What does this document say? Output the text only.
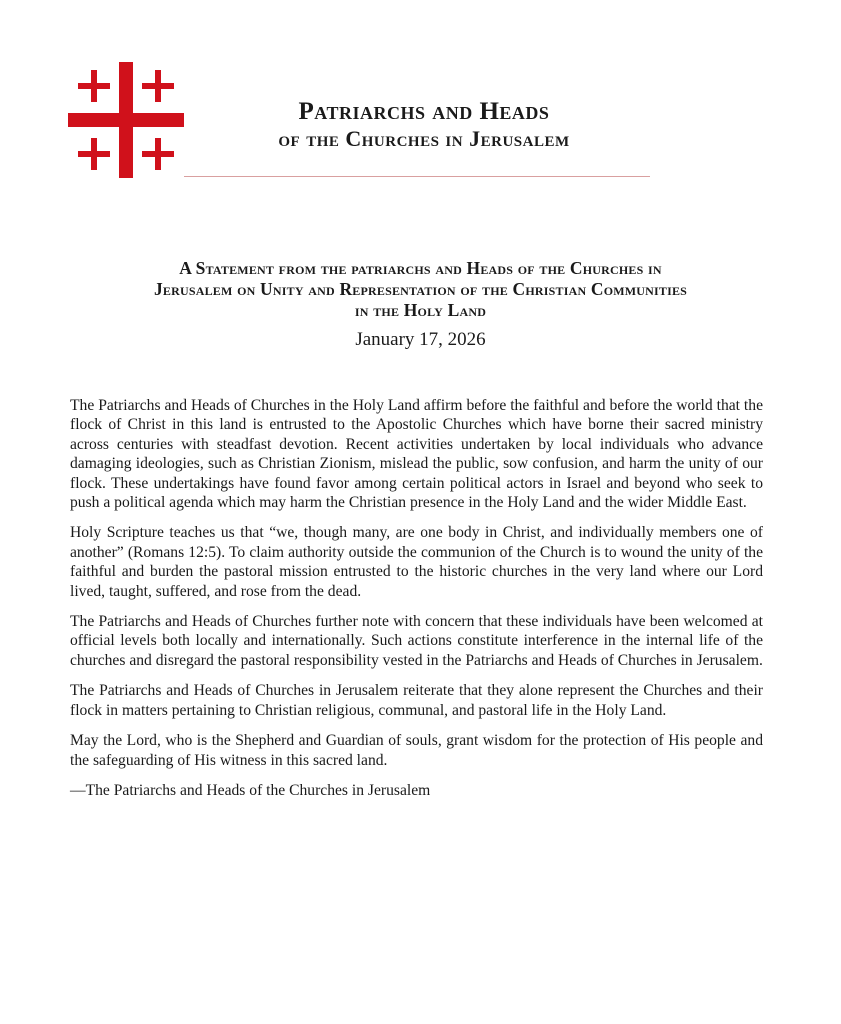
Patriarchs and Heads
of the Churches in Jerusalem
A Statement from the patriarchs and Heads of the Churches in
Jerusalem on Unity and Representation of the Christian Communities
in the Holy Land
January 17, 2026

The Patriarchs and Heads of Churches in the Holy Land affirm before the faithful and before the world that the flock of Christ in this land is entrusted to the Apostolic Churches which have borne their sacred ministry across centuries with steadfast devotion. Recent activities undertaken by local individuals who advance damaging ideologies, such as Christian Zionism, mislead the public, sow confusion, and harm the unity of our flock. These undertakings have found favor among certain political actors in Israel and beyond who seek to push a political agenda which may harm the Christian presence in the Holy Land and the wider Middle East.

Holy Scripture teaches us that “we, though many, are one body in Christ, and individually members one of another” (Romans 12:5). To claim authority outside the communion of the Church is to wound the unity of the faithful and burden the pastoral mission entrusted to the historic churches in the very land where our Lord lived, taught, suffered, and rose from the dead.

The Patriarchs and Heads of Churches further note with concern that these individuals have been welcomed at official levels both locally and internationally. Such actions constitute interference in the internal life of the churches and disregard the pastoral responsibility vested in the Patriarchs and Heads of Churches in Jerusalem.

The Patriarchs and Heads of Churches in Jerusalem reiterate that they alone represent the Churches and their flock in matters pertaining to Christian religious, communal, and pastoral life in the Holy Land.

May the Lord, who is the Shepherd and Guardian of souls, grant wisdom for the protection of His people and the safeguarding of His witness in this sacred land.

—The Patriarchs and Heads of the Churches in Jerusalem
